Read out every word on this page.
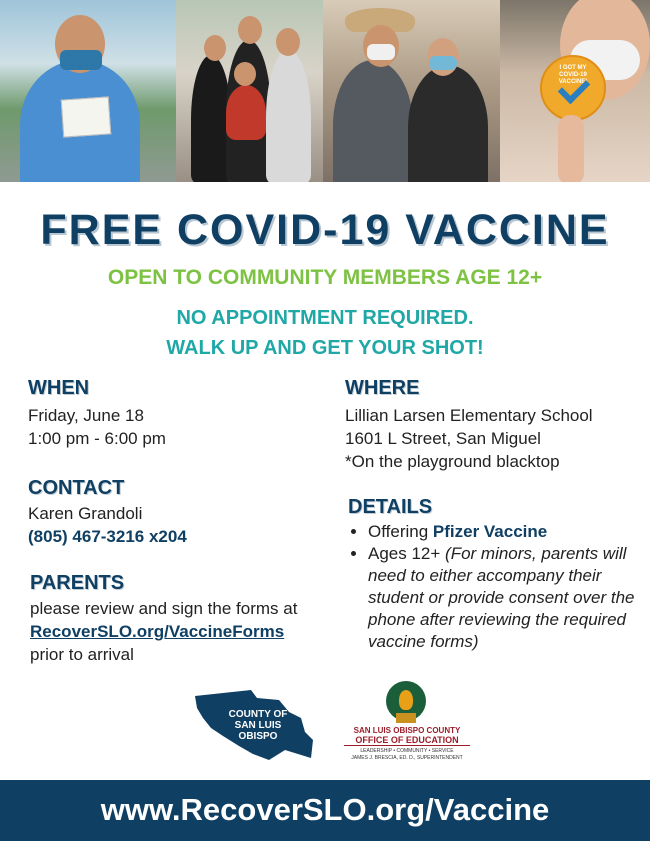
I GOT MY COVID-19 VACCINE!
FREE COVID-19 VACCINE
OPEN TO COMMUNITY MEMBERS AGE 12+
NO APPOINTMENT REQUIRED.
WALK UP AND GET YOUR SHOT!
WHEN
Friday, June 18
1:00 pm - 6:00 pm
CONTACT
Karen Grandoli
(805) 467-3216 x204
PARENTS
please review and sign the forms at
RecoverSLO.org/VaccineForms
prior to arrival
WHERE
Lillian Larsen Elementary School
1601 L Street, San Miguel
*On the playground blacktop
DETAILS
• Offering Pfizer Vaccine
• Ages 12+ (For minors, parents will need to either accompany their student or provide consent over the phone after reviewing the required vaccine forms)
COUNTY OF SAN LUIS OBISPO
SAN LUIS OBISPO COUNTY
OFFICE OF EDUCATION
LEADERSHIP • COMMUNITY • SERVICE
JAMES J. BRESCIA, ED. D., SUPERINTENDENT
www.RecoverSLO.org/Vaccine
